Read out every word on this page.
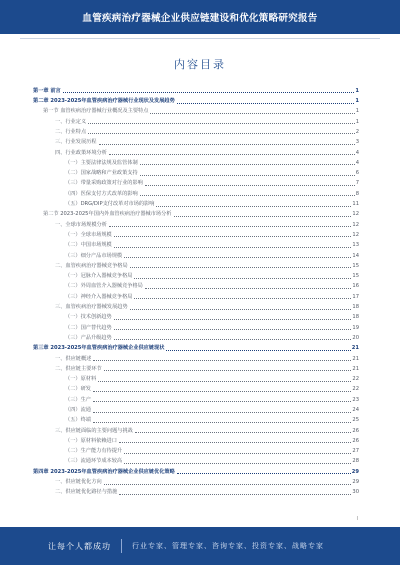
血管疾病治疗器械企业供应链建设和优化策略研究报告
内容目录
第一章 前言	1
第二章 2023-2025年血管疾病治疗器械行业现状及发展趋势	1
第一节 血管疾病治疗器械行业概况及主要特点	1
一、行业定义	1
二、行业特点	2
三、行业发展历程	3
四、行业政策环境分析	4
（一）主要法律法规及监管体制	4
（二）国家战略和产业政策支持	6
（三）带量采购政策对行业的影响	7
（四）医保支付方式改革的影响	8
（五）DRG/DIP支付改革对市场的影响	11
第二节 2023-2025年国内外血管疾病治疗器械市场分析	12
一、全球市场规模分析	12
（一）全球市场规模	12
（二）中国市场规模	13
（三）细分产品市场规模	14
二、血管疾病治疗器械竞争格局	15
（一）冠脉介入器械竞争格局	15
（二）外周血管介入器械竞争格局	16
（三）神经介入器械竞争格局	17
三、血管疾病治疗器械发展趋势	18
（一）技术创新趋势	18
（二）国产替代趋势	19
（三）产品升级趋势	20
第三章 2023-2025年血管疾病治疗器械企业供应链现状	21
一、供应链概述	21
二、供应链主要环节	21
（一）原材料	22
（二）研发	22
（三）生产	23
（四）流通	24
（五）终端	25
三、供应链面临的主要问题与挑战	26
（一）原材料依赖进口	26
（二）生产能力有待提升	27
（三）流通环节成本较高	28
第四章 2023-2025年血管疾病治疗器械企业供应链优化策略	29
一、供应链优化方向	29
二、供应链优化路径与措施	30
I
让每个人都成功	行业专家、管理专家、咨询专家、投资专家、战略专家
